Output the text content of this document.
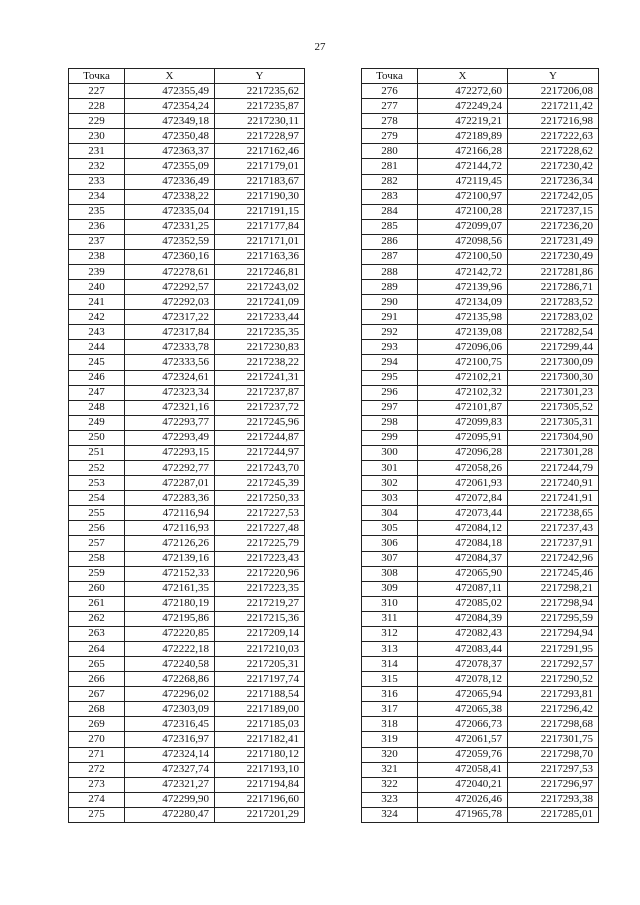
27
Точка	X	Y
227	472355,49	2217235,62
228	472354,24	2217235,87
229	472349,18	2217230,11
230	472350,48	2217228,97
231	472363,37	2217162,46
232	472355,09	2217179,01
233	472336,49	2217183,67
234	472338,22	2217190,30
235	472335,04	2217191,15
236	472331,25	2217177,84
237	472352,59	2217171,01
238	472360,16	2217163,36
239	472278,61	2217246,81
240	472292,57	2217243,02
241	472292,03	2217241,09
242	472317,22	2217233,44
243	472317,84	2217235,35
244	472333,78	2217230,83
245	472333,56	2217238,22
246	472324,61	2217241,31
247	472323,34	2217237,87
248	472321,16	2217237,72
249	472293,77	2217245,96
250	472293,49	2217244,87
251	472293,15	2217244,97
252	472292,77	2217243,70
253	472287,01	2217245,39
254	472283,36	2217250,33
255	472116,94	2217227,53
256	472116,93	2217227,48
257	472126,26	2217225,79
258	472139,16	2217223,43
259	472152,33	2217220,96
260	472161,35	2217223,35
261	472180,19	2217219,27
262	472195,86	2217215,36
263	472220,85	2217209,14
264	472222,18	2217210,03
265	472240,58	2217205,31
266	472268,86	2217197,74
267	472296,02	2217188,54
268	472303,09	2217189,00
269	472316,45	2217185,03
270	472316,97	2217182,41
271	472324,14	2217180,12
272	472327,74	2217193,10
273	472321,27	2217194,84
274	472299,90	2217196,60
275	472280,47	2217201,29
Точка	X	Y
276	472272,60	2217206,08
277	472249,24	2217211,42
278	472219,21	2217216,98
279	472189,89	2217222,63
280	472166,28	2217228,62
281	472144,72	2217230,42
282	472119,45	2217236,34
283	472100,97	2217242,05
284	472100,28	2217237,15
285	472099,07	2217236,20
286	472098,56	2217231,49
287	472100,50	2217230,49
288	472142,72	2217281,86
289	472139,96	2217286,71
290	472134,09	2217283,52
291	472135,98	2217283,02
292	472139,08	2217282,54
293	472096,06	2217299,44
294	472100,75	2217300,09
295	472102,21	2217300,30
296	472102,32	2217301,23
297	472101,87	2217305,52
298	472099,83	2217305,31
299	472095,91	2217304,90
300	472096,28	2217301,28
301	472058,26	2217244,79
302	472061,93	2217240,91
303	472072,84	2217241,91
304	472073,44	2217238,65
305	472084,12	2217237,43
306	472084,18	2217237,91
307	472084,37	2217242,96
308	472065,90	2217245,46
309	472087,11	2217298,21
310	472085,02	2217298,94
311	472084,39	2217295,59
312	472082,43	2217294,94
313	472083,44	2217291,95
314	472078,37	2217292,57
315	472078,12	2217290,52
316	472065,94	2217293,81
317	472065,38	2217296,42
318	472066,73	2217298,68
319	472061,57	2217301,75
320	472059,76	2217298,70
321	472058,41	2217297,53
322	472040,21	2217296,97
323	472026,46	2217293,38
324	471965,78	2217285,01
